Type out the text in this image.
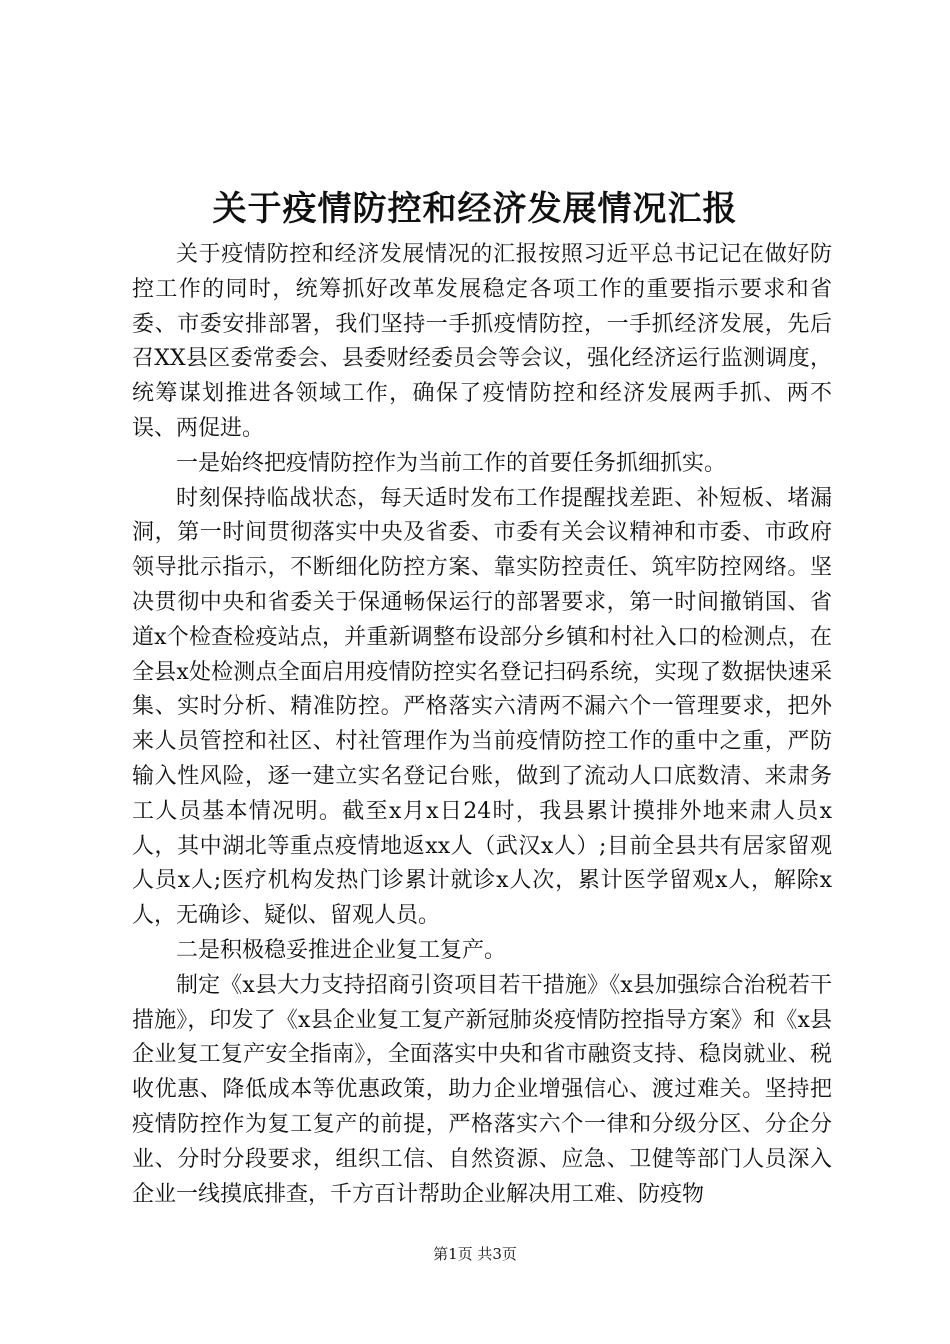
关于疫情防控和经济发展情况汇报

关于疫情防控和经济发展情况的汇报按照习近平总书记记在做好防控工作的同时，统筹抓好改革发展稳定各项工作的重要指示要求和省委、市委安排部署，我们坚持一手抓疫情防控，一手抓经济发展，先后召XX县区委常委会、县委财经委员会等会议，强化经济运行监测调度，统筹谋划推进各领域工作，确保了疫情防控和经济发展两手抓、两不误、两促进。

一是始终把疫情防控作为当前工作的首要任务抓细抓实。

时刻保持临战状态，每天适时发布工作提醒找差距、补短板、堵漏洞，第一时间贯彻落实中央及省委、市委有关会议精神和市委、市政府领导批示指示，不断细化防控方案、靠实防控责任、筑牢防控网络。坚决贯彻中央和省委关于保通畅保运行的部署要求，第一时间撤销国、省道x个检查检疫站点，并重新调整布设部分乡镇和村社入口的检测点，在全县x处检测点全面启用疫情防控实名登记扫码系统，实现了数据快速采集、实时分析、精准防控。严格落实六清两不漏六个一管理要求，把外来人员管控和社区、村社管理作为当前疫情防控工作的重中之重，严防输入性风险，逐一建立实名登记台账，做到了流动人口底数清、来肃务工人员基本情况明。截至x月x日24时，我县累计摸排外地来肃人员x人，其中湖北等重点疫情地返xx人（武汉x人）;目前全县共有居家留观人员x人;医疗机构发热门诊累计就诊x人次，累计医学留观x人，解除x人，无确诊、疑似、留观人员。

二是积极稳妥推进企业复工复产。

制定《x县大力支持招商引资项目若干措施》《x县加强综合治税若干措施》，印发了《x县企业复工复产新冠肺炎疫情防控指导方案》和《x县企业复工复产安全指南》，全面落实中央和省市融资支持、稳岗就业、税收优惠、降低成本等优惠政策，助力企业增强信心、渡过难关。坚持把疫情防控作为复工复产的前提，严格落实六个一律和分级分区、分企分业、分时分段要求，组织工信、自然资源、应急、卫健等部门人员深入企业一线摸底排查，千方百计帮助企业解决用工难、防疫物

第1页 共3页
